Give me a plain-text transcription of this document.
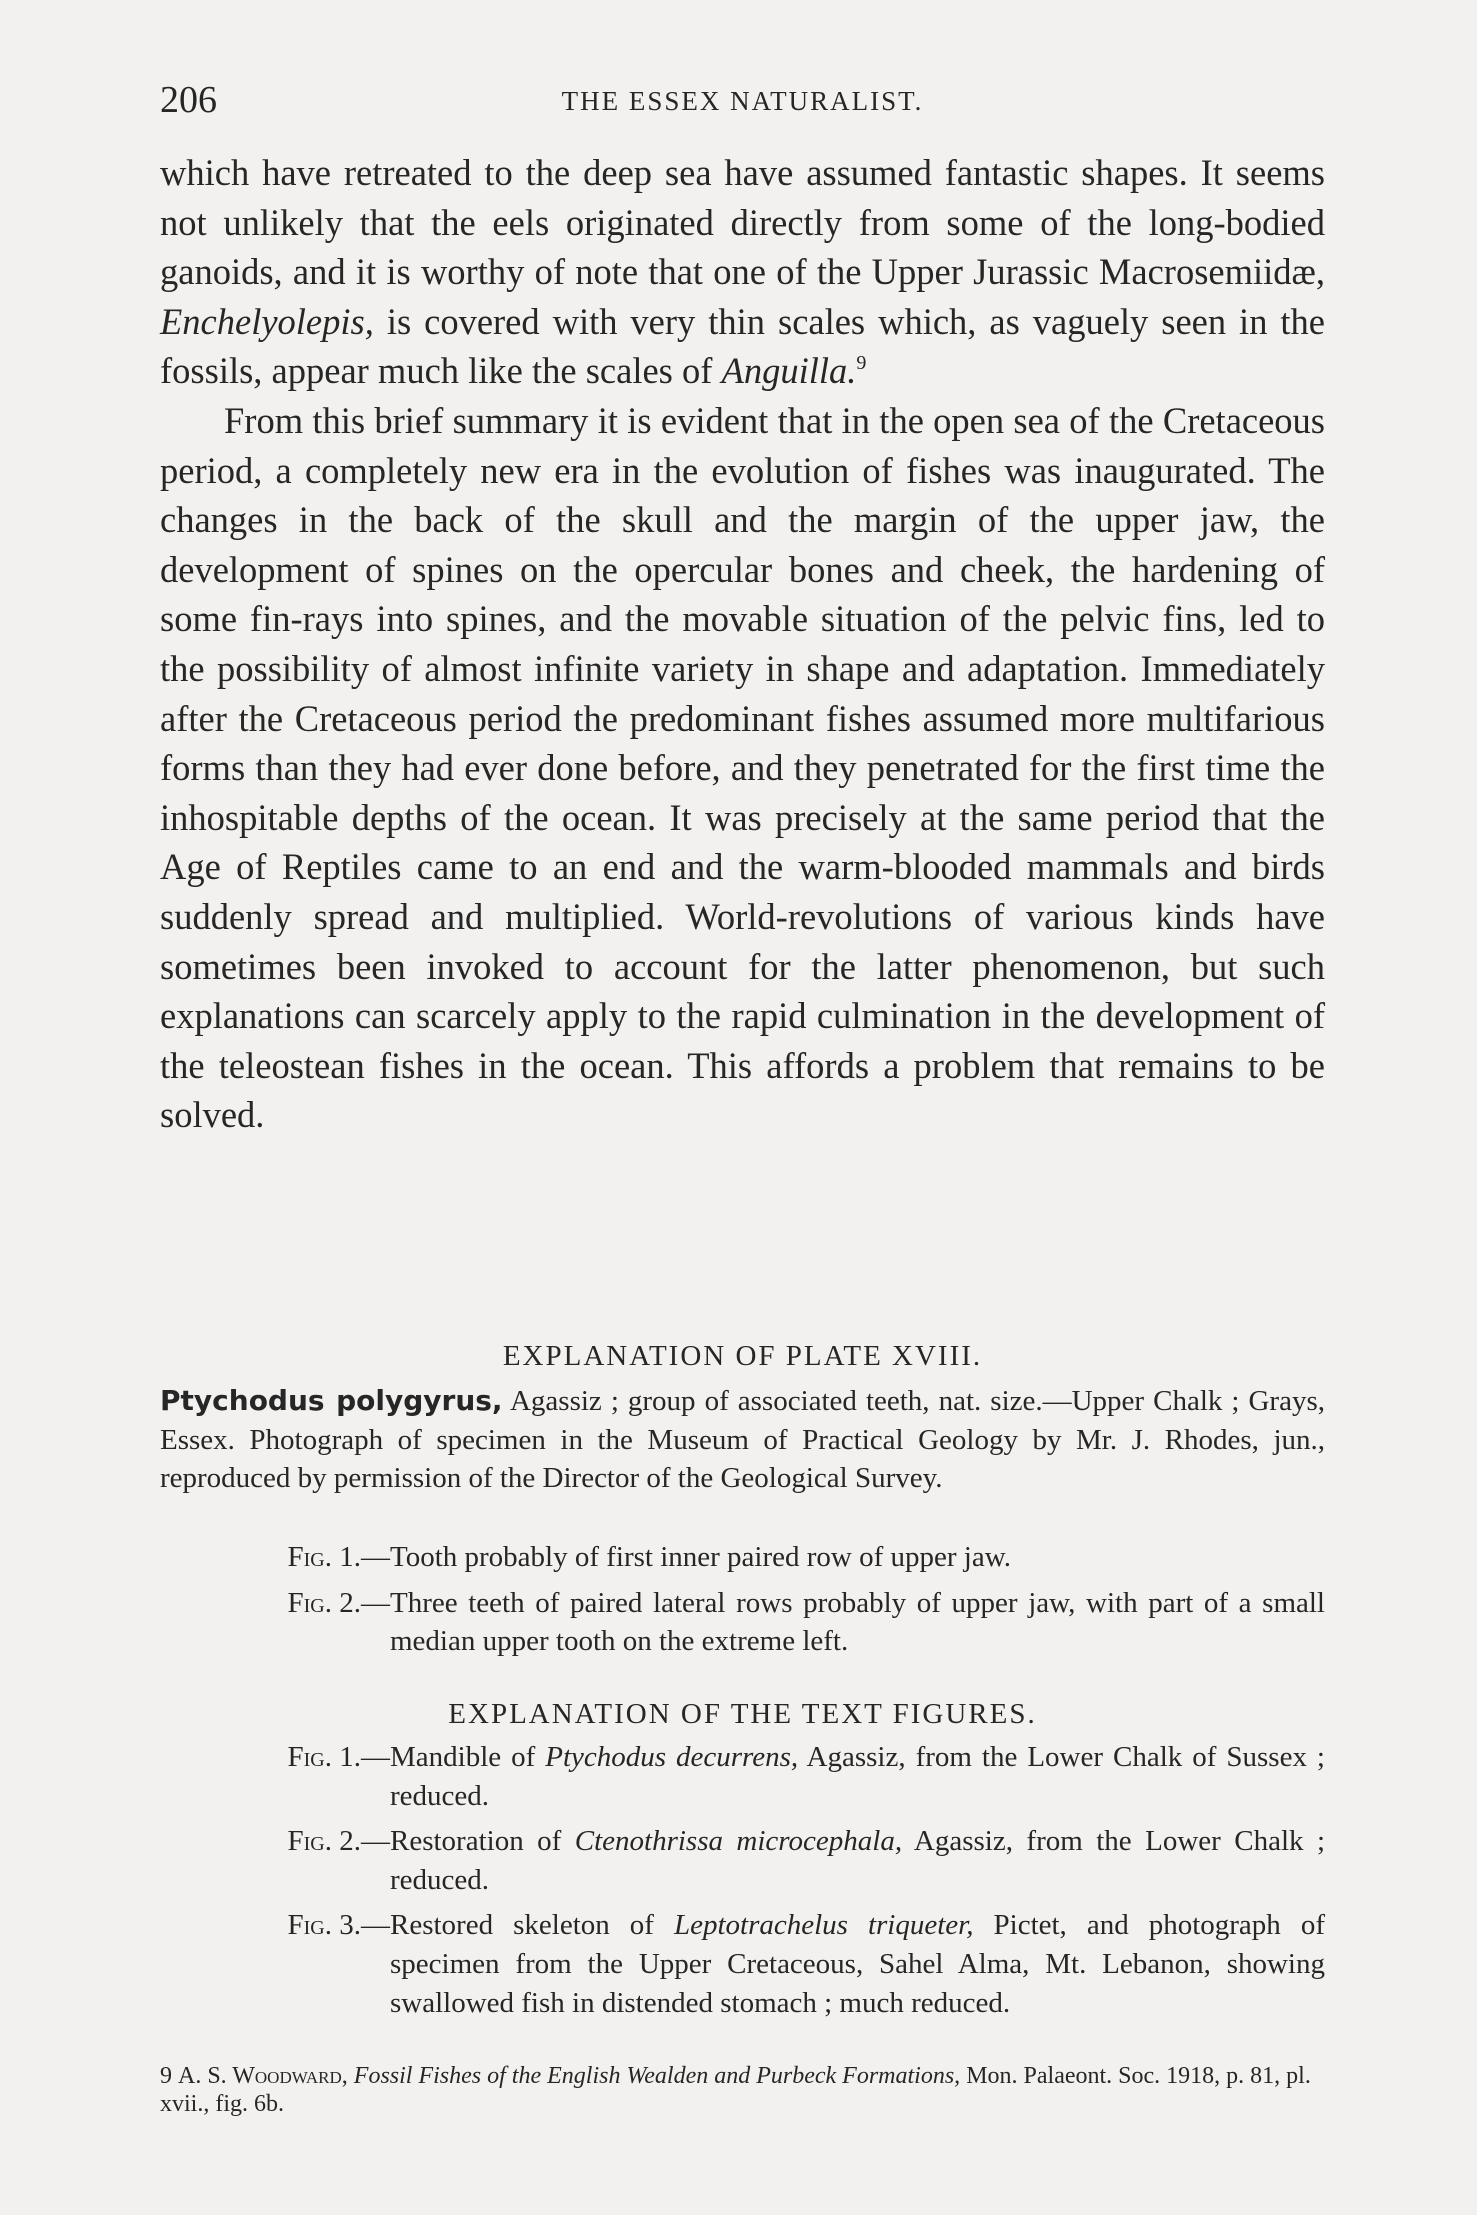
206	THE ESSEX NATURALIST.

which have retreated to the deep sea have assumed fantastic shapes. It seems not unlikely that the eels originated directly from some of the long-bodied ganoids, and it is worthy of note that one of the Upper Jurassic Macrosemiidæ, Enchelyolepis, is covered with very thin scales which, as vaguely seen in the fossils, appear much like the scales of Anguilla.$^9$

From this brief summary it is evident that in the open sea of the Cretaceous period, a completely new era in the evolution of fishes was inaugurated. The changes in the back of the skull and the margin of the upper jaw, the development of spines on the opercular bones and cheek, the hardening of some fin-rays into spines, and the movable situation of the pelvic fins, led to the possibility of almost infinite variety in shape and adaptation. Immediately after the Cretaceous period the predominant fishes assumed more multifarious forms than they had ever done before, and they penetrated for the first time the inhospitable depths of the ocean. It was precisely at the same period that the Age of Reptiles came to an end and the warm-blooded mammals and birds suddenly spread and multiplied. World-revolutions of various kinds have sometimes been invoked to account for the latter phenomenon, but such explanations can scarcely apply to the rapid culmination in the development of the teleostean fishes in the ocean. This affords a problem that remains to be solved.

EXPLANATION OF PLATE XVIII.
Ptychodus polygyrus, Agassiz ; group of associated teeth, nat. size.—Upper Chalk ; Grays, Essex. Photograph of specimen in the Museum of Practical Geology by Mr. J. Rhodes, jun., reproduced by permission of the Director of the Geological Survey.
Fig. 1.— Tooth probably of first inner paired row of upper jaw.
Fig. 2.— Three teeth of paired lateral rows probably of upper jaw, with part of a small median upper tooth on the extreme left.
EXPLANATION OF THE TEXT FIGURES.
Fig. 1.— Mandible of Ptychodus decurrens, Agassiz, from the Lower Chalk of Sussex ; reduced.
Fig. 2.— Restoration of Ctenothrissa microcephala, Agassiz, from the Lower Chalk ; reduced.
Fig. 3.— Restored skeleton of Leptotrachelus triqueter, Pictet, and photograph of specimen from the Upper Cretaceous, Sahel Alma, Mt. Lebanon, showing swallowed fish in distended stomach ; much reduced.
9 A. S. Woodward, Fossil Fishes of the English Wealden and Purbeck Formations, Mon. Palaeont. Soc. 1918, p. 81, pl. xvii., fig. 6b.
